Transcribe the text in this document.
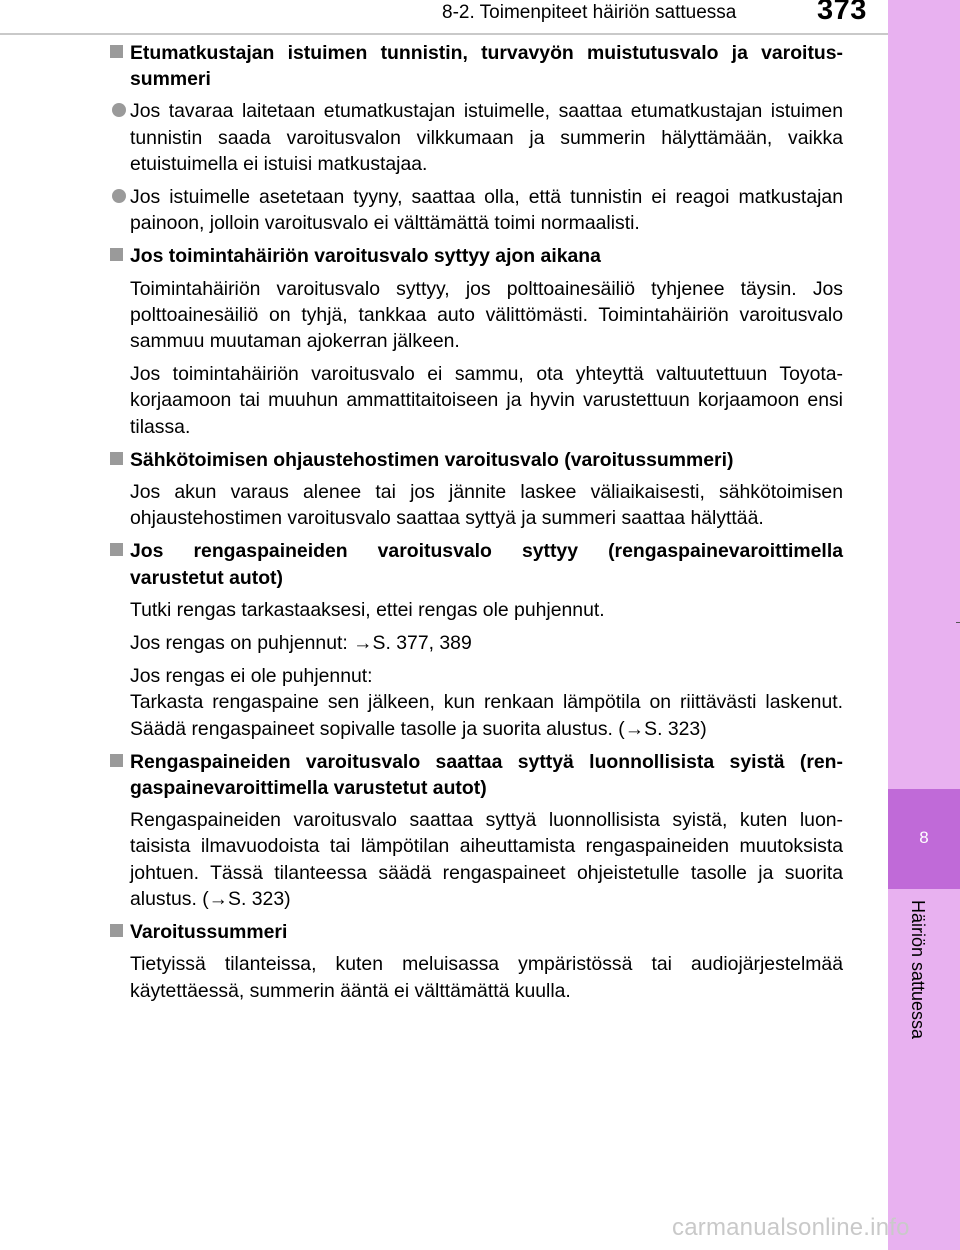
8-2. Toimenpiteet häiriön sattuessa	373
8
Häiriön sattuessa
Etumatkustajan istuimen tunnistin, turvavyön muistutusvalo ja varoitussummeri
Jos tavaraa laitetaan etumatkustajan istuimelle, saattaa etumatkustajan istuimen tunnistin saada varoitusvalon vilkkumaan ja summerin hälyttämään, vaikka etuistuimella ei istuisi matkustajaa.
Jos istuimelle asetetaan tyyny, saattaa olla, että tunnistin ei reagoi matkustajan painoon, jolloin varoitusvalo ei välttämättä toimi normaalisti.
Jos toimintahäiriön varoitusvalo syttyy ajon aikana
Toimintahäiriön varoitusvalo syttyy, jos polttoainesäiliö tyhjenee täysin. Jos polttoainesäiliö on tyhjä, tankkaa auto välittömästi. Toimintahäiriön varoitusvalo sammuu muutaman ajokerran jälkeen.
Jos toimintahäiriön varoitusvalo ei sammu, ota yhteyttä valtuutettuun Toyota-korjaamoon tai muuhun ammattitaitoiseen ja hyvin varustettuun korjaamoon ensi tilassa.
Sähkötoimisen ohjaustehostimen varoitusvalo (varoitussummeri)
Jos akun varaus alenee tai jos jännite laskee väliaikaisesti, sähkötoimisen ohjaustehostimen varoitusvalo saattaa syttyä ja summeri saattaa hälyttää.
Jos rengaspaineiden varoitusvalo syttyy (rengaspainevaroittimella varustetut autot)
Tutki rengas tarkastaaksesi, ettei rengas ole puhjennut.
Jos rengas on puhjennut: →S. 377, 389
Jos rengas ei ole puhjennut:
Tarkasta rengaspaine sen jälkeen, kun renkaan lämpötila on riittävästi laskenut. Säädä rengaspaineet sopivalle tasolle ja suorita alustus. (→S. 323)
Rengaspaineiden varoitusvalo saattaa syttyä luonnollisista syistä (rengaspainevaroittimella varustetut autot)
Rengaspaineiden varoitusvalo saattaa syttyä luonnollisista syistä, kuten luontaisista ilmavuodoista tai lämpötilan aiheuttamista rengaspaineiden muutoksista johtuen. Tässä tilanteessa säädä rengaspaineet ohjeistetulle tasolle ja suorita alustus. (→S. 323)
Varoitussummeri
Tietyissä tilanteissa, kuten meluisassa ympäristössä tai audiojärjestelmää käytettäessä, summerin ääntä ei välttämättä kuulla.
carmanualsonline.info
